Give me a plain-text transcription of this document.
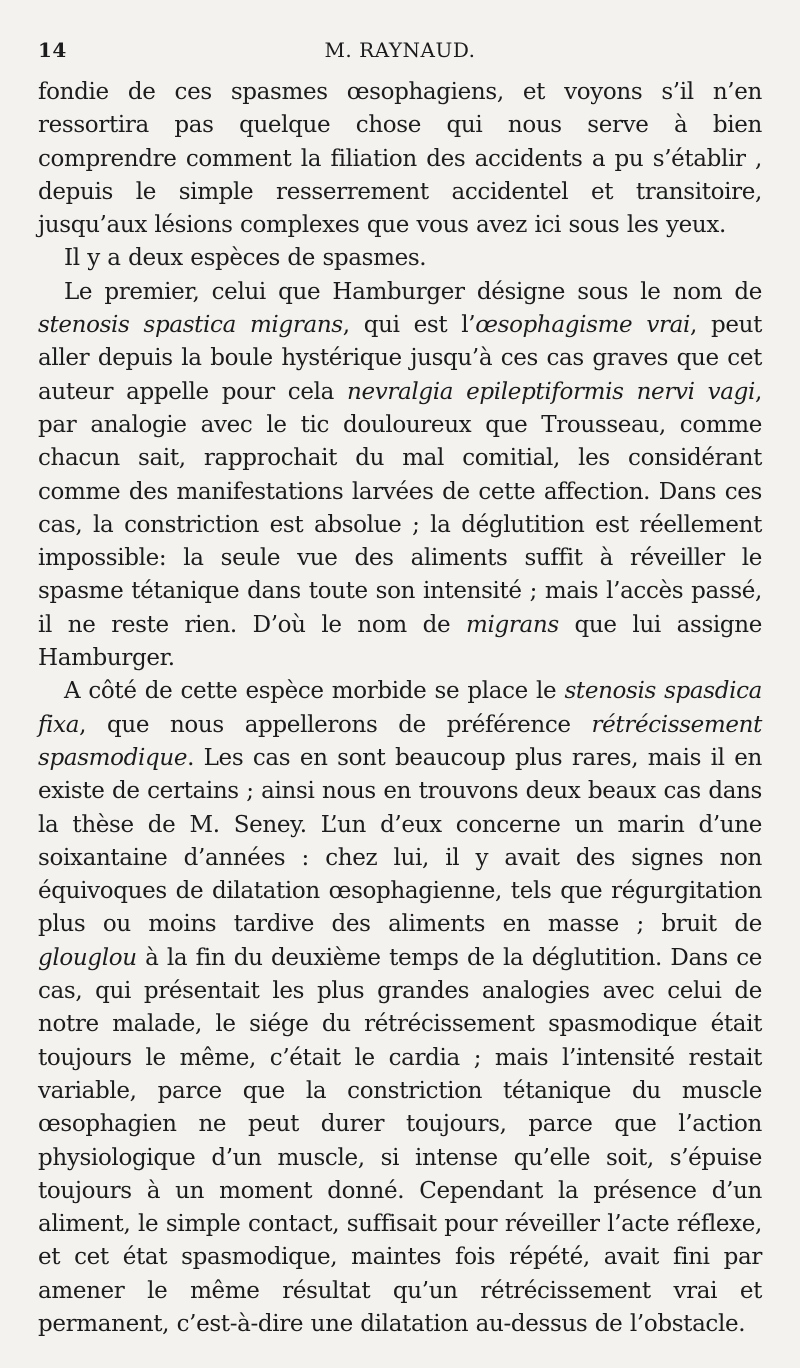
14	M. RAYNAUD.

fondie de ces spasmes œsophagiens, et voyons s’il n’en ressortira pas quelque chose qui nous serve à bien comprendre comment la filiation des accidents a pu s’établir , depuis le simple resserrement accidentel et transitoire, jusqu’aux lésions complexes que vous avez ici sous les yeux.

Il y a deux espèces de spasmes.

Le premier, celui que Hamburger désigne sous le nom de stenosis spastica migrans, qui est l’œsophagisme vrai, peut aller depuis la boule hystérique jusqu’à ces cas graves que cet auteur appelle pour cela nevralgia epileptiformis nervi vagi, par analogie avec le tic douloureux que Trousseau, comme chacun sait, rapprochait du mal comitial, les considérant comme des manifestations larvées de cette affection. Dans ces cas, la constriction est absolue ; la déglutition est réellement impossible: la seule vue des aliments suffit à réveiller le spasme tétanique dans toute son intensité ; mais l’accès passé, il ne reste rien. D’où le nom de migrans que lui assigne Hamburger.

A côté de cette espèce morbide se place le stenosis spasdica fixa, que nous appellerons de préférence rétrécissement spasmodique. Les cas en sont beaucoup plus rares, mais il en existe de certains ; ainsi nous en trouvons deux beaux cas dans la thèse de M. Seney. L’un d’eux concerne un marin d’une soixantaine d’années : chez lui, il y avait des signes non équivoques de dilatation œsophagienne, tels que régurgitation plus ou moins tardive des aliments en masse ; bruit de glouglou à la fin du deuxième temps de la déglutition. Dans ce cas, qui présentait les plus grandes analogies avec celui de notre malade, le siége du rétrécissement spasmodique était toujours le même, c’était le cardia ; mais l’intensité restait variable, parce que la constriction tétanique du muscle œsophagien ne peut durer toujours, parce que l’action physiologique d’un muscle, si intense qu’elle soit, s’épuise toujours à un moment donné. Cependant la présence d’un aliment, le simple contact, suffisait pour réveiller l’acte réflexe, et cet état spasmodique, maintes fois répété, avait fini par amener le même résultat qu’un rétrécissement vrai et permanent, c’est-à-dire une dilatation au-dessus de l’obstacle.
